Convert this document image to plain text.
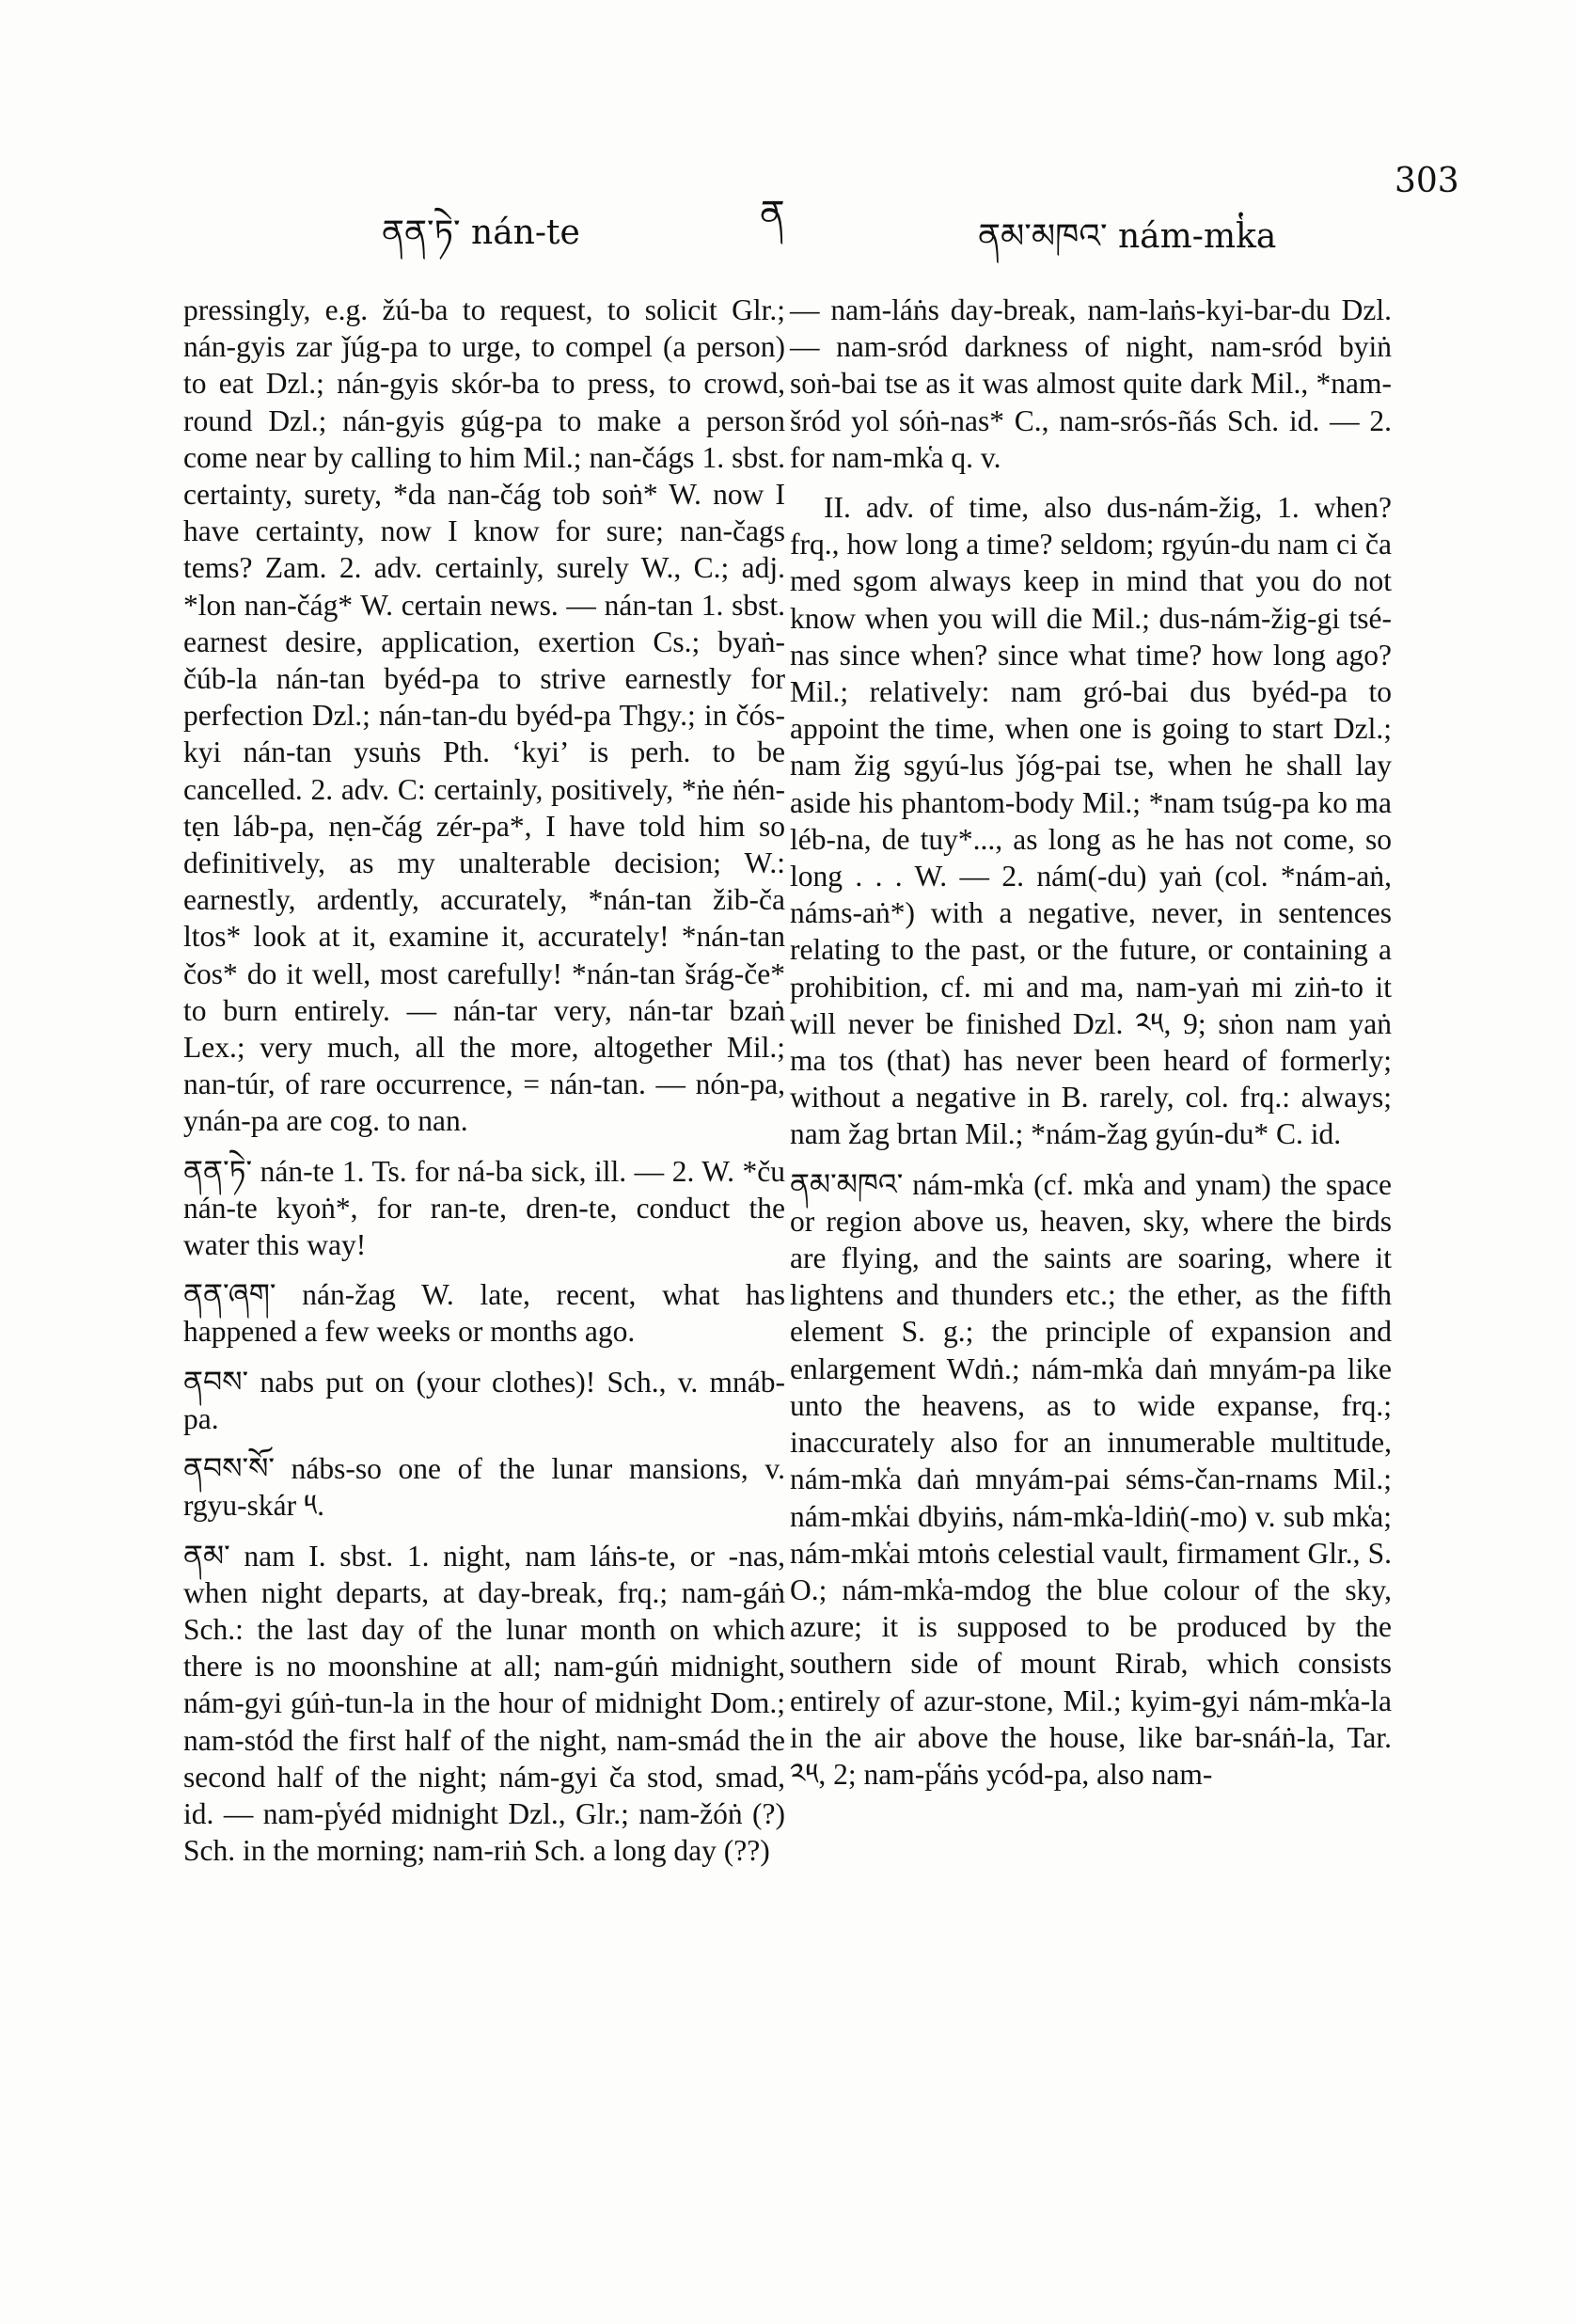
ནན་ཏེ་ nán-te	ན
ནམ་མཁའ་ nám-mk̔a
303

pressingly, e.g. žú-ba to request, to solicit Glr.; nán-gyis zar ǰúg-pa to urge, to compel (a person) to eat Dzl.; nán-gyis skór-ba to press, to crowd, round Dzl.; nán-gyis gúg-pa to make a person come near by calling to him Mil.; nan-čágs 1. sbst. certainty, surety, *da nan-čág tob soṅ* W. now I have certainty, now I know for sure; nan-čags tems? Zam. 2. adv. certainly, surely W., C.; adj. *lon nan-čág* W. certain news. — nán-tan 1. sbst. earnest desire, application, exertion Cs.; byaṅ-čúb-la nán-tan byéd-pa to strive earnestly for perfection Dzl.; nán-tan-du byéd-pa Thgy.; in čós-kyi nán-tan ysuṅs Pth. ‘kyi’ is perh. to be cancelled. 2. adv. C: certainly, positively, *ṅe ṅén-tẹn láb-pa, nẹn-čág zér-pa*, I have told him so definitively, as my unalterable decision; W.: earnestly, ardently, accurately, *nán-tan žib-ča ltos* look at it, examine it, accurately! *nán-tan čos* do it well, most carefully! *nán-tan šrág-če* to burn entirely. — nán-tar very, nán-tar bzaṅ Lex.; very much, all the more, altogether Mil.; nan-túr, of rare occurrence, = nán-tan. — nón-pa, ynán-pa are cog. to nan.

ནན་ཏེ་ nán-te 1. Ts. for ná-ba sick, ill. — 2. W. *ču nán-te kyoṅ*, for ran-te, dren-te, conduct the water this way!

ནན་ཞག་ nán-žag W. late, recent, what has happened a few weeks or months ago.

ནབས་ nabs put on (your clothes)! Sch., v. mnáb-pa.

ནབས་སོ་ nábs-so one of the lunar mansions, v. rgyu-skár ༥.

ནམ་ nam I. sbst. 1. night, nam láṅs-te, or -nas, when night departs, at day-break, frq.; nam-gáṅ Sch.: the last day of the lunar month on which there is no moonshine at all; nam-gúṅ midnight, nám-gyi gúṅ-tun-la in the hour of midnight Dom.; nam-stód the first half of the night, nam-smád the second half of the night; nám-gyi ča stod, smad, id. — nam-p̔yéd midnight Dzl., Glr.; nam-žóṅ (?) Sch. in the morning; nam-riṅ Sch. a long day (??)

— nam-láṅs day-break, nam-laṅs-kyi-bar-du Dzl. — nam-sród darkness of night, nam-sród byiṅ soṅ-bai tse as it was almost quite dark Mil., *nam-šród yol sóṅ-nas* C., nam-srós-ñás Sch. id. — 2. for nam-mk̔a q. v.

II. adv. of time, also dus-nám-žig, 1. when? frq., how long a time? seldom; rgyún-du nam ci ča med sgom always keep in mind that you do not know when you will die Mil.; dus-nám-žig-gi tsé-nas since when? since what time? how long ago? Mil.; relatively: nam gró-bai dus byéd-pa to appoint the time, when one is going to start Dzl.; nam žig sgyú-lus ǰóg-pai tse, when he shall lay aside his phantom-body Mil.; *nam tsúg-pa ko ma léb-na, de tuy*..., as long as he has not come, so long . . . W. — 2. nám(-du) yaṅ (col. *nám-aṅ, náms-aṅ*) with a negative, never, in sentences relating to the past, or the future, or containing a prohibition, cf. mi and ma, nam-yaṅ mi ziṅ-to it will never be finished Dzl. ༢༥, 9; sṅon nam yaṅ ma tos (that) has never been heard of formerly; without a negative in B. rarely, col. frq.: always; nam žag brtan Mil.; *nám-žag gyún-du* C. id.

ནམ་མཁའ་ nám-mk̔a (cf. mk̔a and ynam) the space or region above us, heaven, sky, where the birds are flying, and the saints are soaring, where it lightens and thunders etc.; the ether, as the fifth element S. g.; the principle of expansion and enlargement Wdṅ.; nám-mk̔a daṅ mnyám-pa like unto the heavens, as to wide expanse, frq.; inaccurately also for an innumerable multitude, nám-mk̔a daṅ mnyám-pai séms-čan-rnams Mil.; nám-mk̔ai dbyiṅs, nám-mk̔a-ldiṅ(-mo) v. sub mk̔a; nám-mk̔ai mtoṅs celestial vault, firmament Glr., S. O.; nám-mk̔a-mdog the blue colour of the sky, azure; it is supposed to be produced by the southern side of mount Rirab, which consists entirely of azur-stone, Mil.; kyim-gyi nám-mk̔a-la in the air above the house, like bar-snáṅ-la, Tar. ༢༥, 2; nam-p̔áṅs ycód-pa, also nam-
